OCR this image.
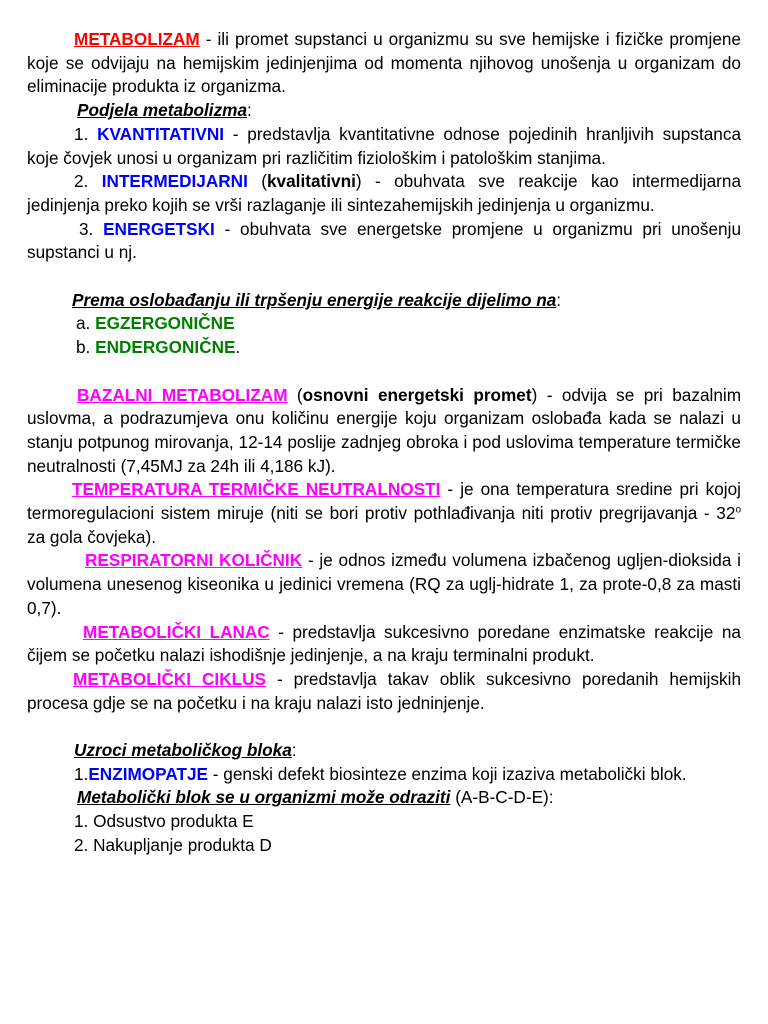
METABOLIZAM - ili promet supstanci u organizmu su sve hemijske i fizičke promjene koje se odvijaju na hemijskim jedinjenjima od momenta njihovog unošenja u organizam do eliminacije produkta iz organizma.

Podjela metabolizma:

1. KVANTITATIVNI - predstavlja kvantitativne odnose pojedinih hranljivih supstanca koje čovjek unosi u organizam pri različitim fiziološkim i patološkim stanjima.

2. INTERMEDIJARNI (kvalitativni) - obuhvata sve reakcije kao intermedijarna jedinjenja preko kojih se vrši razlaganje ili sintezahemijskih jedinjenja u organizmu.

3. ENERGETSKI - obuhvata sve energetske promjene u organizmu pri unošenju supstanci u nj.

Prema oslobađanju ili trpšenju energije reakcije dijelimo na:

a. EGZERGONIČNE

b. ENDERGONIČNE.

BAZALNI METABOLIZAM (osnovni energetski promet) - odvija se pri bazalnim uslovma, a podrazumjeva onu količinu energije koju organizam oslobađa kada se nalazi u stanju potpunog mirovanja, 12-14 poslije zadnjeg obroka i pod uslovima temperature termičke neutralnosti (7,45MJ za 24h ili 4,186 kJ).

TEMPERATURA TERMIČKE NEUTRALNOSTI - je ona temperatura sredine pri kojoj termoregulacioni sistem miruje (niti se bori protiv pothlađivanja niti protiv pregrijavanja - 32$^o$ za gola čovjeka).

RESPIRATORNI KOLIČNIK - je odnos između volumena izbačenog ugljen-dioksida i volumena unesenog kiseonika u jedinici vremena (RQ za uglj-hidrate 1, za prote-0,8 za masti 0,7).

METABOLIČKI LANAC - predstavlja sukcesivno poredane enzimatske reakcije na čijem se početku nalazi ishodišnje jedinjenje, a na kraju terminalni produkt.

METABOLIČKI CIKLUS - predstavlja takav oblik sukcesivno poredanih hemijskih procesa gdje se na početku i na kraju nalazi isto jedninjenje.

Uzroci metaboličkog bloka:

1.ENZIMOPATJE - genski defekt biosinteze enzima koji izaziva metabolički blok.

Metabolički blok se u organizmi može odraziti (A-B-C-D-E):

1. Odsustvo produkta E

2. Nakupljanje produkta D
